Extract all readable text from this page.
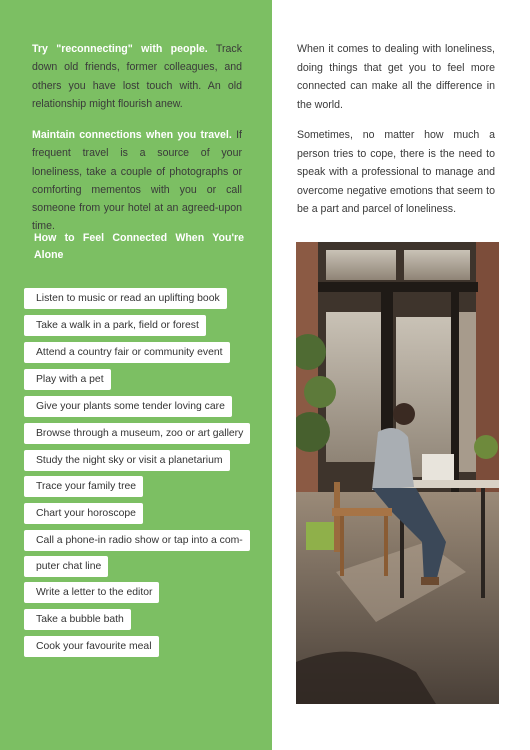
Try "reconnecting" with people. Track down old friends, former colleagues, and others you have lost touch with. An old relationship might flourish anew.

Maintain connections when you travel. If frequent travel is a source of your loneliness, take a couple of photographs or comforting mementos with you or call someone from your hotel at an agreed-upon time.

How to Feel Connected When You're Alone

Listen to music or read an uplifting book
Take a walk in a park, field or forest
Attend a country fair or community event
Play with a pet
Give your plants some tender loving care
Browse through a museum, zoo or art gallery
Study the night sky or visit a planetarium
Trace your family tree
Chart your horoscope
Call a phone-in radio show or tap into a com-
puter chat line
Write a letter to the editor
Take a bubble bath
Cook your favourite meal

When it comes to dealing with loneliness, doing things that get you to feel more connected can make all the difference in the world.

Sometimes, no matter how much a person tries to cope, there is the need to speak with a professional to manage and overcome negative emotions that seem to be a part and parcel of loneliness.
